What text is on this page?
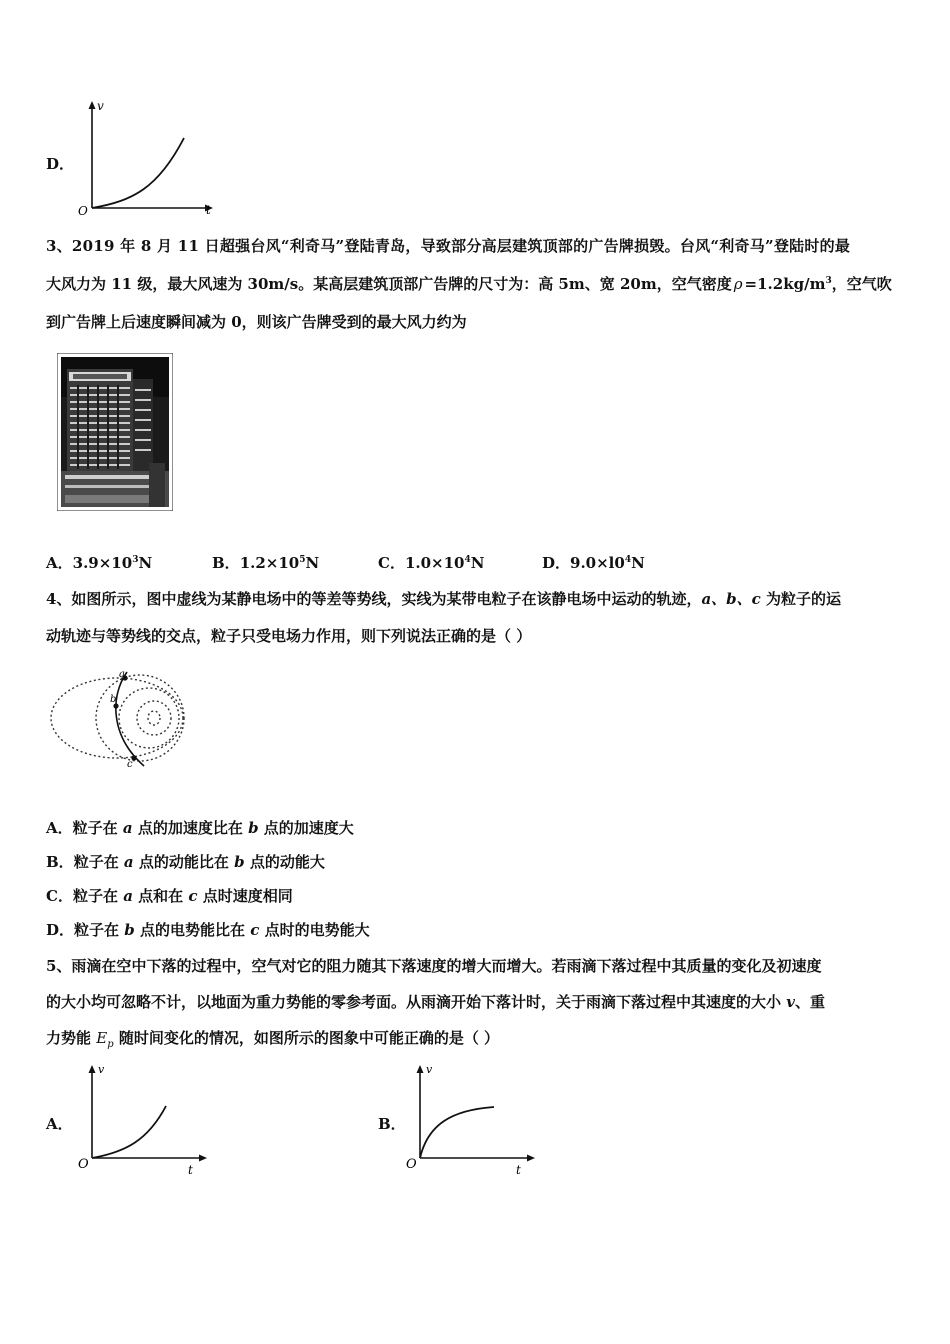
D．
v
t
O
3、2019 年 8 月 11 日超强台风“利奇马”登陆青岛，导致部分高层建筑顶部的广告牌损毁。台风“利奇马”登陆时的最
大风力为 11 级，最大风速为 30m/s。某高层建筑顶部广告牌的尺寸为：高 5m、宽 20m，空气密度 $\rho =1.2kg/m^3$，空气吹
到广告牌上后速度瞬间减为 0，则该广告牌受到的最大风力约为
A．$3.9\times 10^3N$	B．$1.2\times 10^5N$	C．$1.0\times 10^4N$	D．$9.0\times l0^4N$
4、如图所示，图中虚线为某静电场中的等差等势线，实线为某带电粒子在该静电场中运动的轨迹，a、b、c 为粒子的运
动轨迹与等势线的交点，粒子只受电场力作用，则下列说法正确的是（ ）
a
b
c
A．粒子在 a 点的加速度比在 b 点的加速度大
B．粒子在 a 点的动能比在 b 点的动能大
C．粒子在 a 点和在 c 点时速度相同
D．粒子在 b 点的电势能比在 c 点时的电势能大
5、雨滴在空中下落的过程中，空气对它的阻力随其下落速度的增大而增大。若雨滴下落过程中其质量的变化及初速度
的大小均可忽略不计，以地面为重力势能的零参考面。从雨滴开始下落计时，关于雨滴下落过程中其速度的大小 v、重
力势能 $E_p$ 随时间变化的情况，如图所示的图象中可能正确的是（ ）
A．
v
t
O
B．
v
t
O
